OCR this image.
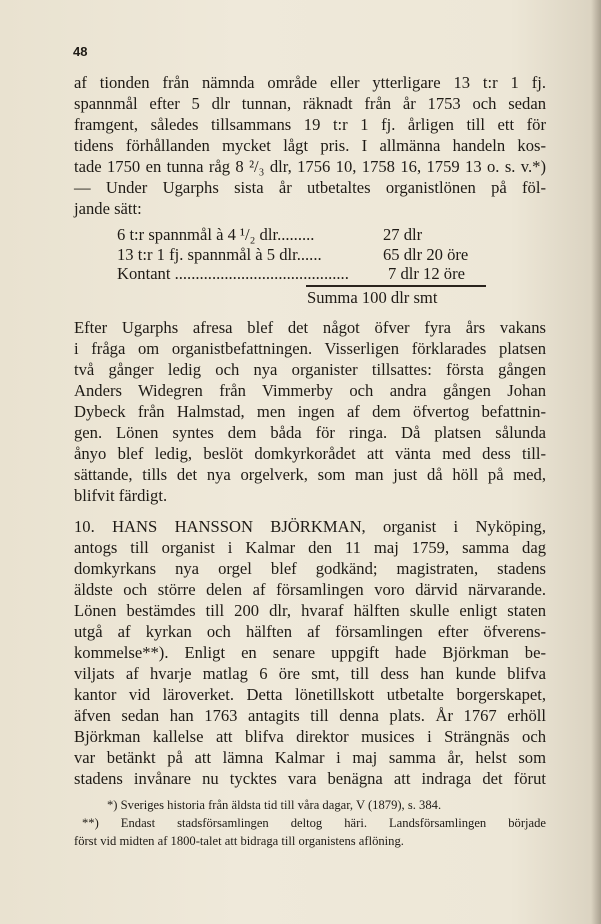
48
af tionden från nämnda område eller ytterligare 13 t:r 1 fj.
spannmål efter 5 dlr tunnan, räknadt från år 1753 och sedan
framgent, således tillsammans 19 t:r 1 fj. årligen till ett för
tidens förhållanden mycket lågt pris. I allmänna handeln kos-
tade 1750 en tunna råg 8 ²/₃ dlr, 1756 10, 1758 16, 1759 13 o. s. v.*)
— Under Ugarphs sista år utbetaltes organistlönen på föl-
jande sätt:
6 t:r spannmål à 4 ¹/₂ dlr.........	27 dlr
13 t:r 1 fj. spannmål à 5 dlr......	65 dlr 20 öre
Kontant .......................................... 7 dlr 12 öre
Summa 100 dlr smt
Efter Ugarphs afresa blef det något öfver fyra års vakans
i fråga om organistbefattningen. Visserligen förklarades platsen
två gånger ledig och nya organister tillsattes: första gången
Anders Widegren från Vimmerby och andra gången Johan
Dybeck från Halmstad, men ingen af dem öfvertog befattnin-
gen. Lönen syntes dem båda för ringa. Då platsen sålunda
ånyo blef ledig, beslöt domkyrkorådet att vänta med dess till-
sättande, tills det nya orgelverk, som man just då höll på med,
blifvit färdigt.
10. HANS HANSSON BJÖRKMAN, organist i Nyköping,
antogs till organist i Kalmar den 11 maj 1759, samma dag
domkyrkans nya orgel blef godkänd; magistraten, stadens
äldste och större delen af församlingen voro därvid närvarande.
Lönen bestämdes till 200 dlr, hvaraf hälften skulle enligt staten
utgå af kyrkan och hälften af församlingen efter öfverens-
kommelse**). Enligt en senare uppgift hade Björkman be-
viljats af hvarje matlag 6 öre smt, till dess han kunde blifva
kantor vid läroverket. Detta lönetillskott utbetalte borgerskapet,
äfven sedan han 1763 antagits till denna plats. År 1767 erhöll
Björkman kallelse att blifva direktor musices i Strängnäs och
var betänkt på att lämna Kalmar i maj samma år, helst som
stadens invånare nu tycktes vara benägna att indraga det förut
*) Sveriges historia från äldsta tid till våra dagar, V (1879), s. 384.
**) Endast stadsförsamlingen deltog häri. Landsförsamlingen började
först vid midten af 1800-talet att bidraga till organistens aflöning.
